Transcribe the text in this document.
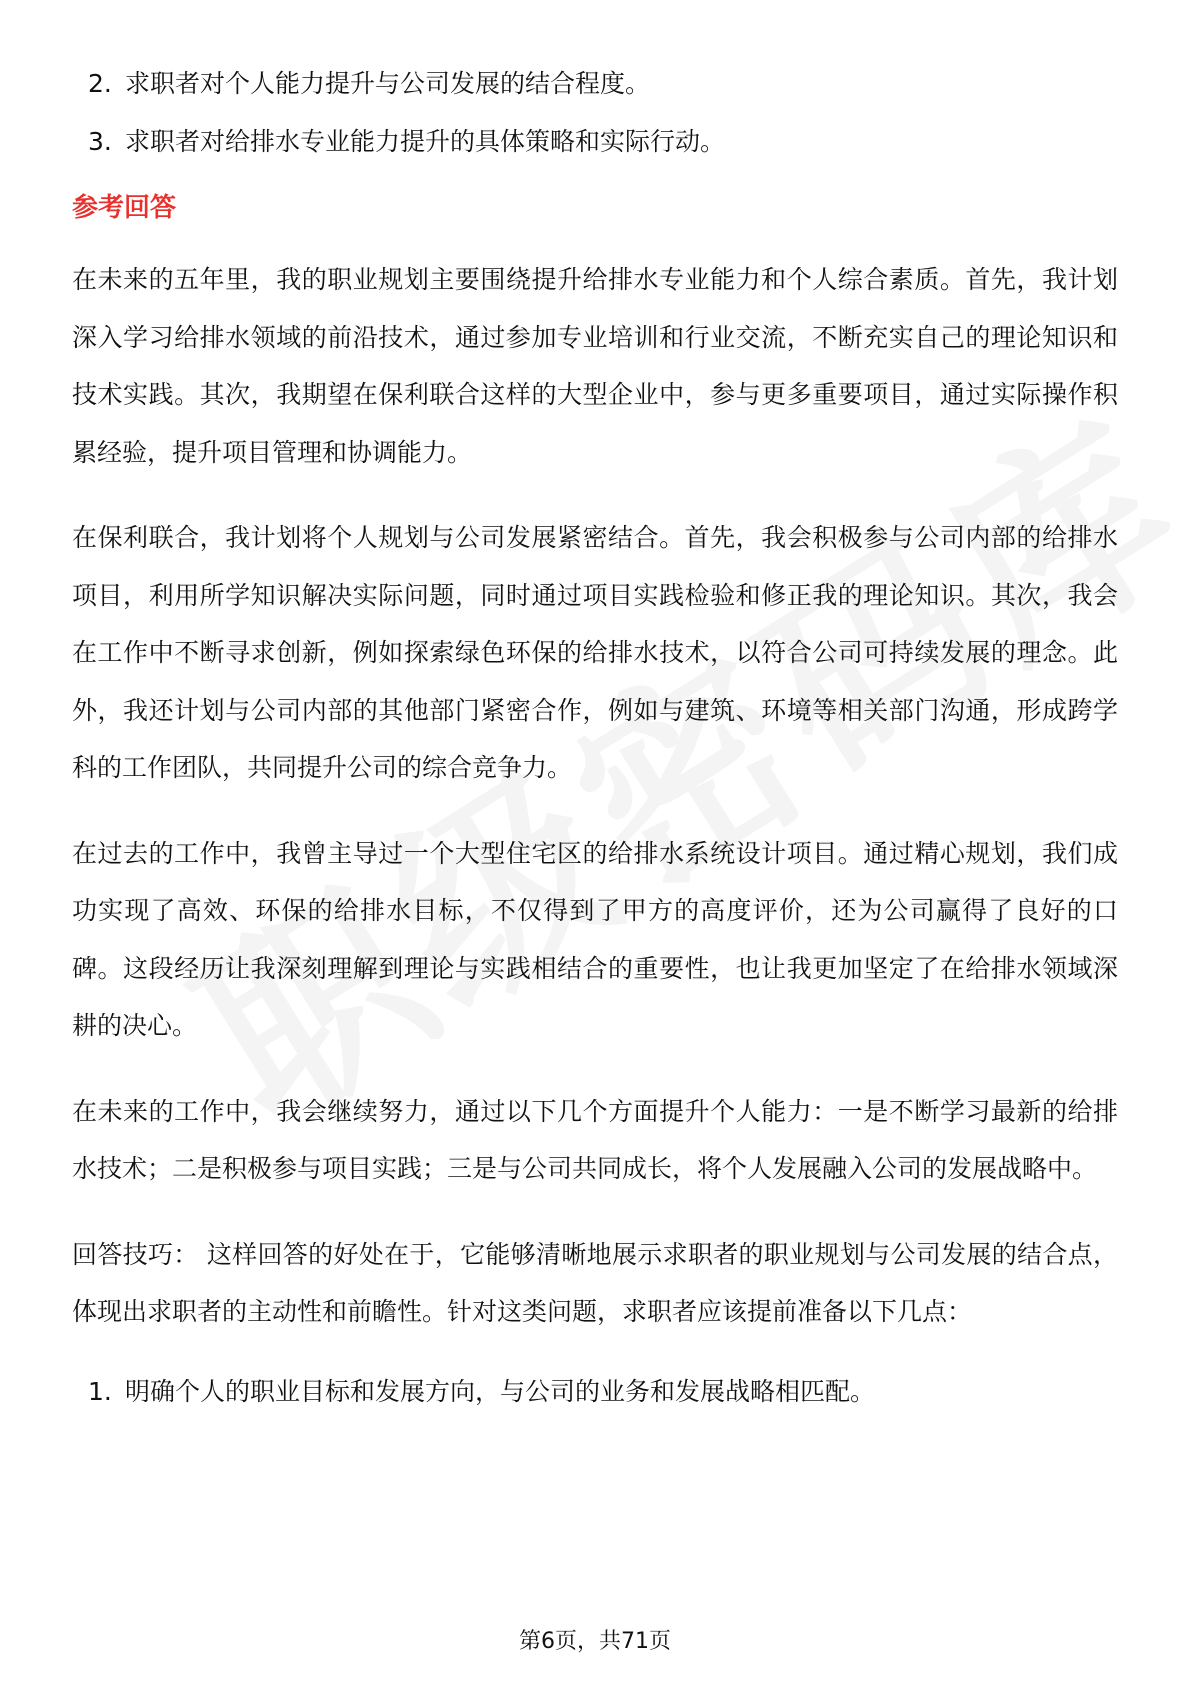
2. 求职者对个人能力提升与公司发展的结合程度。
3. 求职者对给排水专业能力提升的具体策略和实际行动。
参考回答

在未来的五年里，我的职业规划主要围绕提升给排水专业能力和个人综合素质。首先，我计划深入学习给排水领域的前沿技术，通过参加专业培训和行业交流，不断充实自己的理论知识和技术实践。其次，我期望在保利联合这样的大型企业中，参与更多重要项目，通过实际操作积累经验，提升项目管理和协调能力。

在保利联合，我计划将个人规划与公司发展紧密结合。首先，我会积极参与公司内部的给排水项目，利用所学知识解决实际问题，同时通过项目实践检验和修正我的理论知识。其次，我会在工作中不断寻求创新，例如探索绿色环保的给排水技术，以符合公司可持续发展的理念。此外，我还计划与公司内部的其他部门紧密合作，例如与建筑、环境等相关部门沟通，形成跨学科的工作团队，共同提升公司的综合竞争力。

在过去的工作中，我曾主导过一个大型住宅区的给排水系统设计项目。通过精心规划，我们成功实现了高效、环保的给排水目标，不仅得到了甲方的高度评价，还为公司赢得了良好的口碑。这段经历让我深刻理解到理论与实践相结合的重要性，也让我更加坚定了在给排水领域深耕的决心。

在未来的工作中，我会继续努力，通过以下几个方面提升个人能力：一是不断学习最新的给排水技术；二是积极参与项目实践；三是与公司共同成长，将个人发展融入公司的发展战略中。

回答技巧： 这样回答的好处在于，它能够清晰地展示求职者的职业规划与公司发展的结合点，体现出求职者的主动性和前瞻性。针对这类问题，求职者应该提前准备以下几点：

1. 明确个人的职业目标和发展方向，与公司的业务和发展战略相匹配。
第6页，共71页
